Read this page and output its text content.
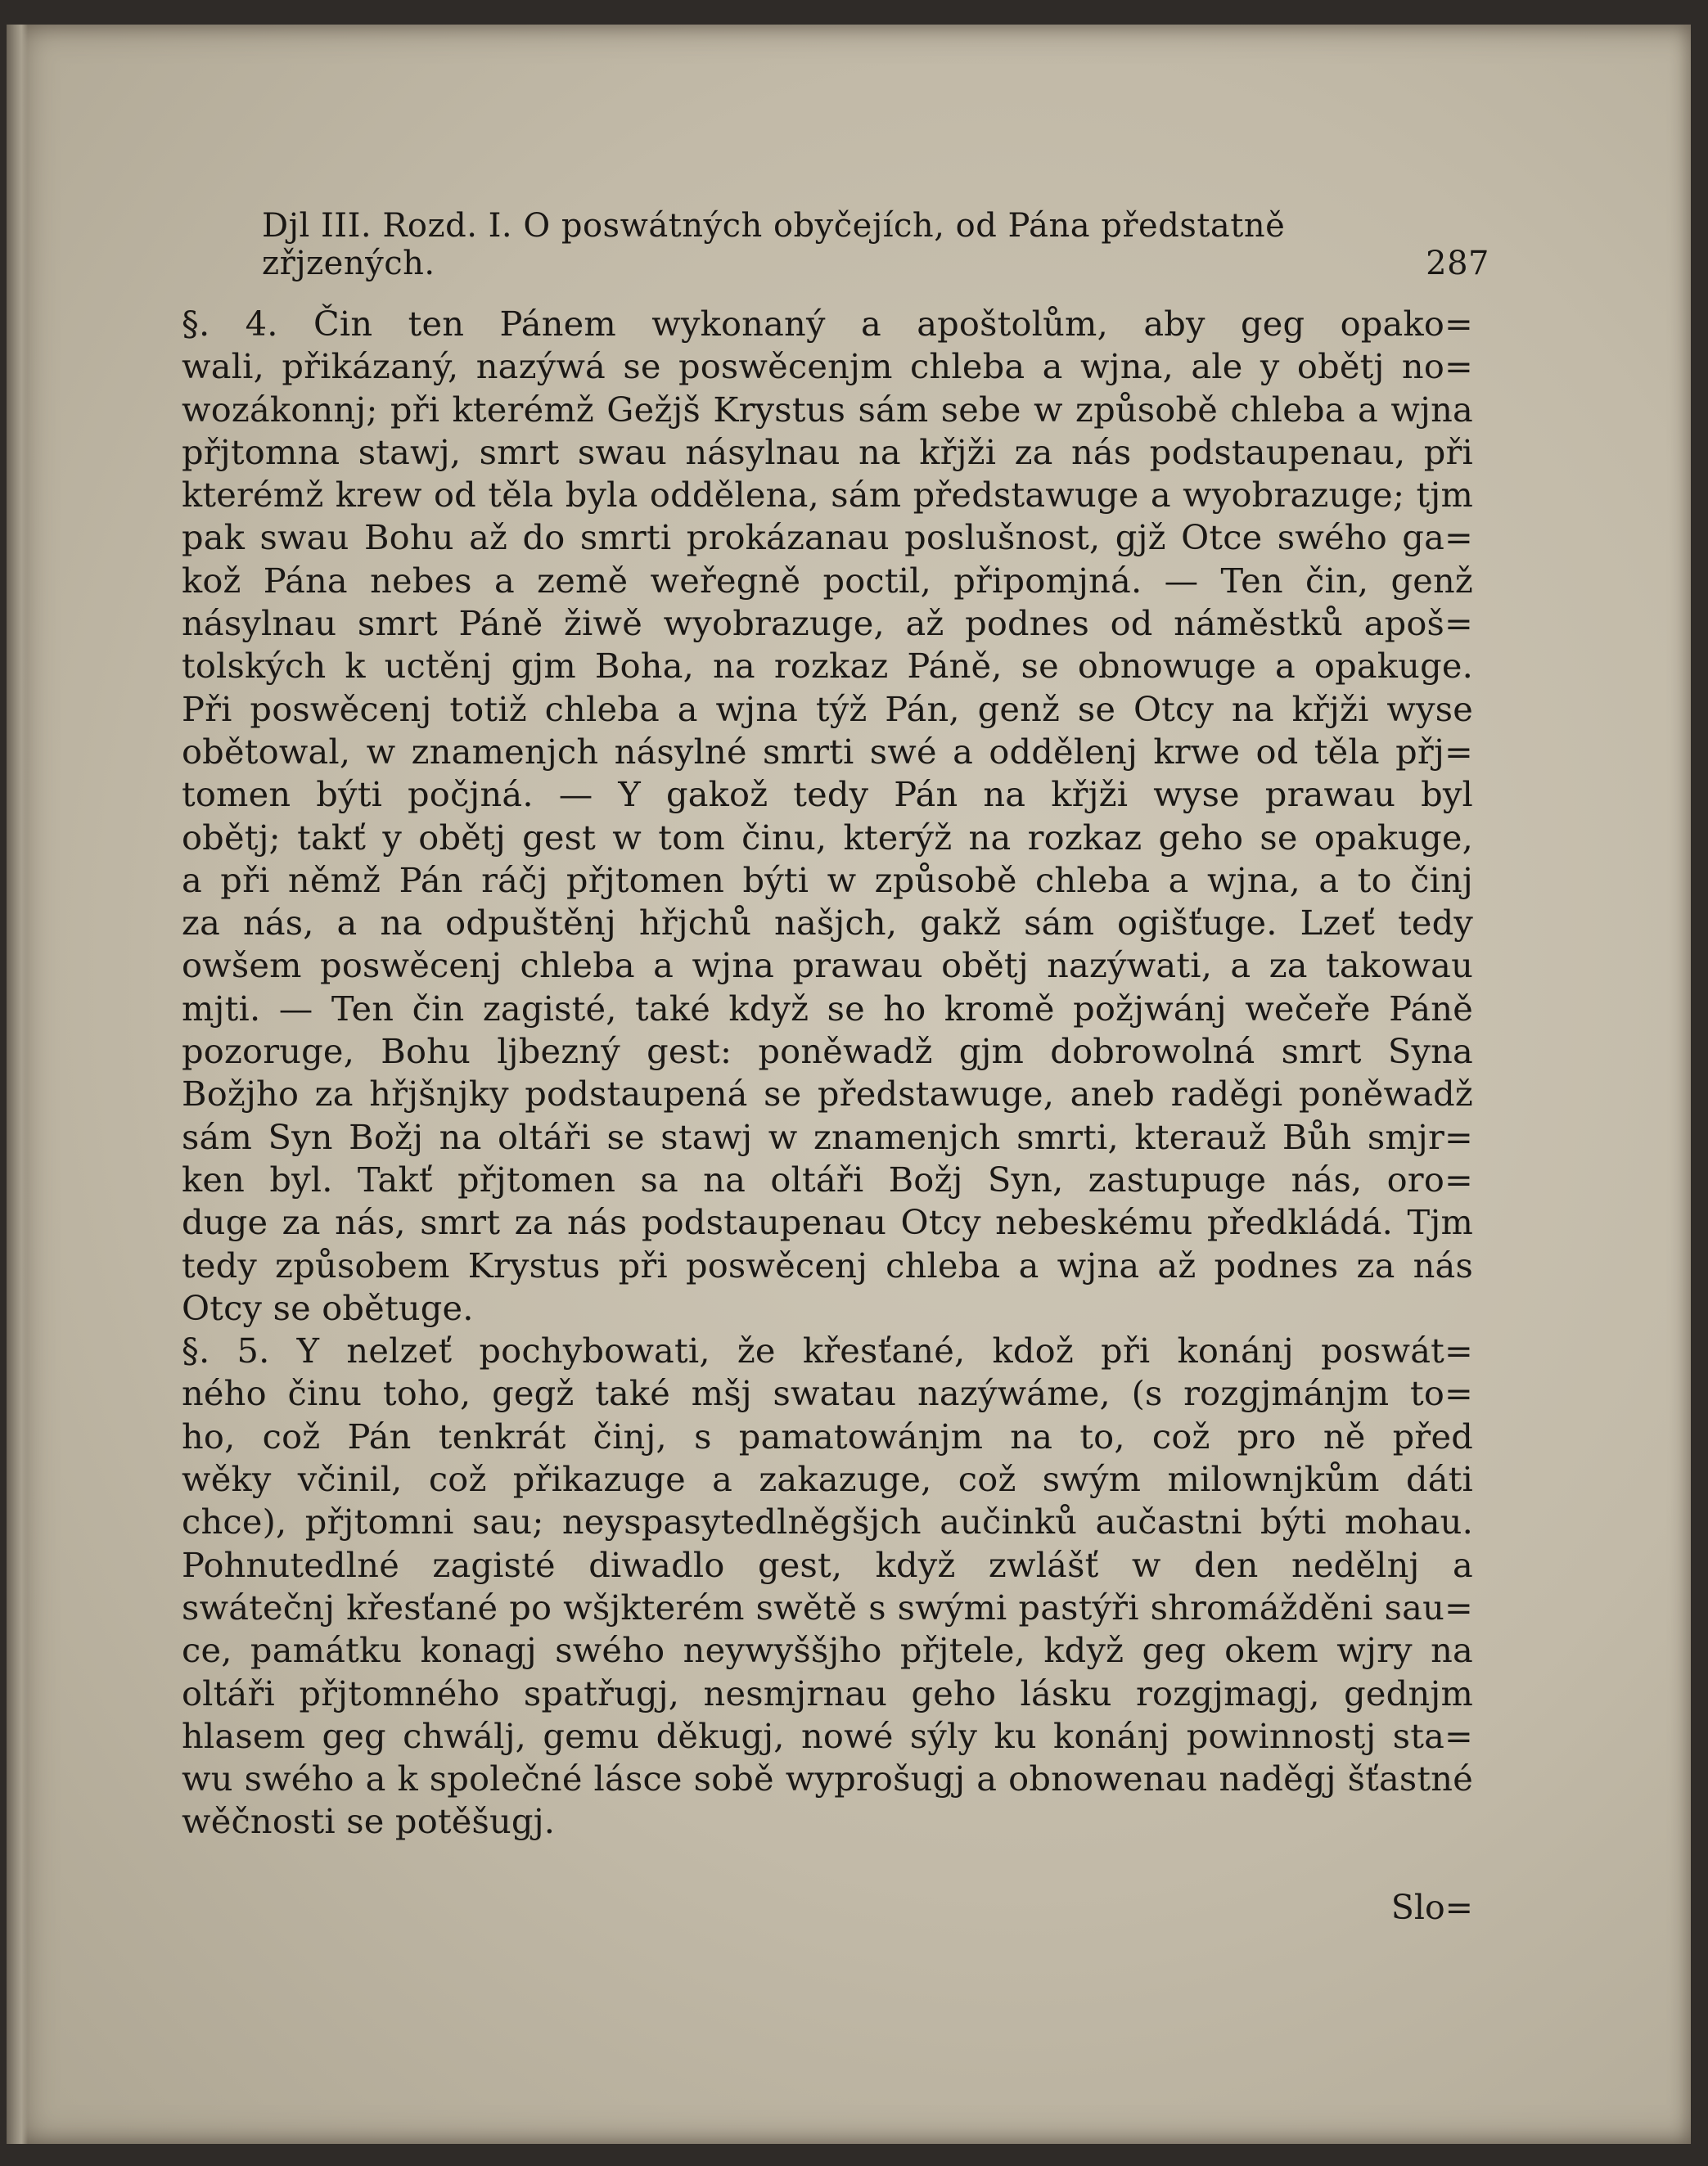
Djl III. Rozd. I. O poswátných obyčejích, od Pána předstatně zřjzených.	287
§. 4. Čin ten Pánem wykonaný a apoštolům, aby geg opako=
wali, přikázaný, nazýwá se poswěcenjm chleba a wjna, ale y obětj no=
wozákonnj; při kterémž Gežjš Krystus sám sebe w způsobě chleba a wjna
přjtomna stawj, smrt swau násylnau na křjži za nás podstaupenau, při
kterémž krew od těla byla oddělena, sám předstawuge a wyobrazuge; tjm
pak swau Bohu až do smrti prokázanau poslušnost, gjž Otce swého ga=
kož Pána nebes a země weřegně poctil, připomjná. — Ten čin, genž
násylnau smrt Páně žiwě wyobrazuge, až podnes od náměstků apoš=
tolských k uctěnj gjm Boha, na rozkaz Páně, se obnowuge a opakuge.
Při poswěcenj totiž chleba a wjna týž Pán, genž se Otcy na křjži wyse
obětowal, w znamenjch násylné smrti swé a oddělenj krwe od těla přj=
tomen býti počjná. — Y gakož tedy Pán na křjži wyse prawau byl
obětj; takť y obětj gest w tom činu, kterýž na rozkaz geho se opakuge,
a při němž Pán ráčj přjtomen býti w způsobě chleba a wjna, a to činj
za nás, a na odpuštěnj hřjchů našjch, gakž sám ogišťuge. Lzeť tedy
owšem poswěcenj chleba a wjna prawau obětj nazýwati, a za takowau
mjti. — Ten čin zagisté, také když se ho kromě požjwánj wečeře Páně
pozoruge, Bohu ljbezný gest: poněwadž gjm dobrowolná smrt Syna
Božjho za hřjšnjky podstaupená se předstawuge, aneb raděgi poněwadž
sám Syn Božj na oltáři se stawj w znamenjch smrti, kterauž Bůh smjr=
ken byl. Takť přjtomen sa na oltáři Božj Syn, zastupuge nás, oro=
duge za nás, smrt za nás podstaupenau Otcy nebeskému předkládá. Tjm
tedy způsobem Krystus při poswěcenj chleba a wjna až podnes za nás
Otcy se obětuge.
§. 5. Y nelzeť pochybowati, že křesťané, kdož při konánj poswát=
ného činu toho, gegž také mšj swatau nazýwáme, (s rozgjmánjm to=
ho, což Pán tenkrát činj, s pamatowánjm na to, což pro ně před
wěky včinil, což přikazuge a zakazuge, což swým milownjkům dáti
chce), přjtomni sau; neyspasytedlněgšjch aučinků aučastni býti mohau.
Pohnutedlné zagisté diwadlo gest, když zwlášť w den nedělnj a
swátečnj křesťané po wšjkterém swětě s swými pastýři shromážděni sau=
ce, památku konagj swého neywyššjho přjtele, když geg okem wjry na
oltáři přjtomného spatřugj, nesmjrnau geho lásku rozgjmagj, gednjm
hlasem geg chwálj, gemu děkugj, nowé sýly ku konánj powinnostj sta=
wu swého a k společné lásce sobě wyprošugj a obnowenau naděgj šťastné
wěčnosti se potěšugj.
Slo=
